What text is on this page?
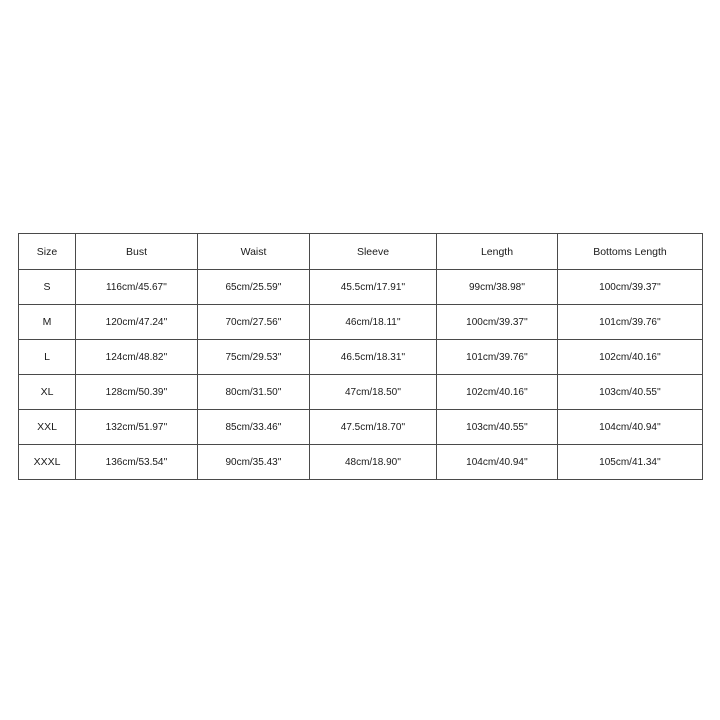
Size	Bust	Waist	Sleeve	Length	Bottoms Length
S	116cm/45.67''	65cm/25.59''	45.5cm/17.91''	99cm/38.98''	100cm/39.37''
M	120cm/47.24''	70cm/27.56''	46cm/18.11''	100cm/39.37''	101cm/39.76''
L	124cm/48.82''	75cm/29.53''	46.5cm/18.31''	101cm/39.76''	102cm/40.16''
XL	128cm/50.39''	80cm/31.50''	47cm/18.50''	102cm/40.16''	103cm/40.55''
XXL	132cm/51.97''	85cm/33.46''	47.5cm/18.70''	103cm/40.55''	104cm/40.94''
XXXL	136cm/53.54''	90cm/35.43''	48cm/18.90''	104cm/40.94''	105cm/41.34''
